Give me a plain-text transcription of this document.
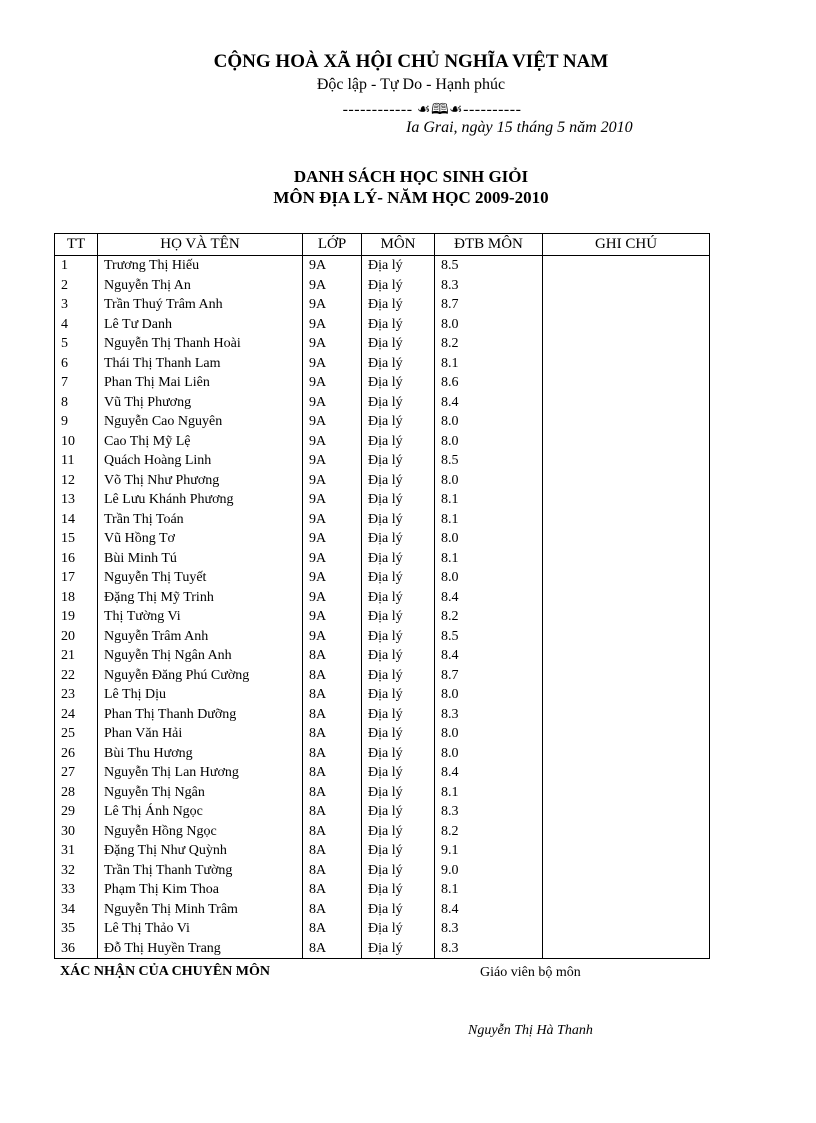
CỘNG HOÀ XÃ HỘI CHỦ NGHĨA VIỆT NAM
Độc lập - Tự Do - Hạnh phúc
------------ ☙🕮☙----------
Ia Grai, ngày 15 tháng 5 năm 2010
DANH SÁCH HỌC SINH GIỎI
MÔN ĐỊA LÝ- NĂM HỌC 2009-2010
TT	HỌ VÀ TÊN	LỚP	MÔN	ĐTB MÔN	GHI CHÚ
1	Trương Thị Hiếu	9A	Địa lý	8.5	
2	Nguyễn Thị An	9A	Địa lý	8.3	
3	Trần Thuý Trâm Anh	9A	Địa lý	8.7	
4	Lê Tư Danh	9A	Địa lý	8.0	
5	Nguyễn Thị Thanh Hoài	9A	Địa lý	8.2	
6	Thái Thị Thanh Lam	9A	Địa lý	8.1	
7	Phan Thị Mai Liên	9A	Địa lý	8.6	
8	Vũ Thị Phương	9A	Địa lý	8.4	
9	Nguyễn Cao Nguyên	9A	Địa lý	8.0	
10	Cao Thị Mỹ Lệ	9A	Địa lý	8.0	
11	Quách Hoàng Linh	9A	Địa lý	8.5	
12	Võ Thị Như Phương	9A	Địa lý	8.0	
13	Lê Lưu Khánh Phương	9A	Địa lý	8.1	
14	Trần Thị Toán	9A	Địa lý	8.1	
15	Vũ Hồng Tơ	9A	Địa lý	8.0	
16	Bùi Minh Tú	9A	Địa lý	8.1	
17	Nguyễn Thị Tuyết	9A	Địa lý	8.0	
18	Đặng Thị Mỹ Trinh	9A	Địa lý	8.4	
19	Thị Tường Vi	9A	Địa lý	8.2	
20	Nguyễn Trâm Anh	9A	Địa lý	8.5	
21	Nguyễn Thị Ngân Anh	8A	Địa lý	8.4	
22	Nguyễn Đăng Phú Cường	8A	Địa lý	8.7	
23	Lê Thị Dịu	8A	Địa lý	8.0	
24	Phan Thị Thanh Dưỡng	8A	Địa lý	8.3	
25	Phan Văn Hải	8A	Địa lý	8.0	
26	Bùi Thu Hương	8A	Địa lý	8.0	
27	Nguyễn Thị Lan Hương	8A	Địa lý	8.4	
28	Nguyễn Thị Ngân	8A	Địa lý	8.1	
29	Lê Thị Ánh Ngọc	8A	Địa lý	8.3	
30	Nguyễn Hồng Ngọc	8A	Địa lý	8.2	
31	Đặng Thị Như Quỳnh	8A	Địa lý	9.1	
32	Trần Thị Thanh Tường	8A	Địa lý	9.0	
33	Phạm Thị Kim Thoa	8A	Địa lý	8.1	
34	Nguyễn Thị Minh Trâm	8A	Địa lý	8.4	
35	Lê Thị Thảo Vi	8A	Địa lý	8.3	
36	Đỗ Thị Huyền Trang	8A	Địa lý	8.3	
XÁC NHẬN CỦA CHUYÊN MÔN	Giáo viên bộ môn
Nguyễn Thị Hà Thanh
